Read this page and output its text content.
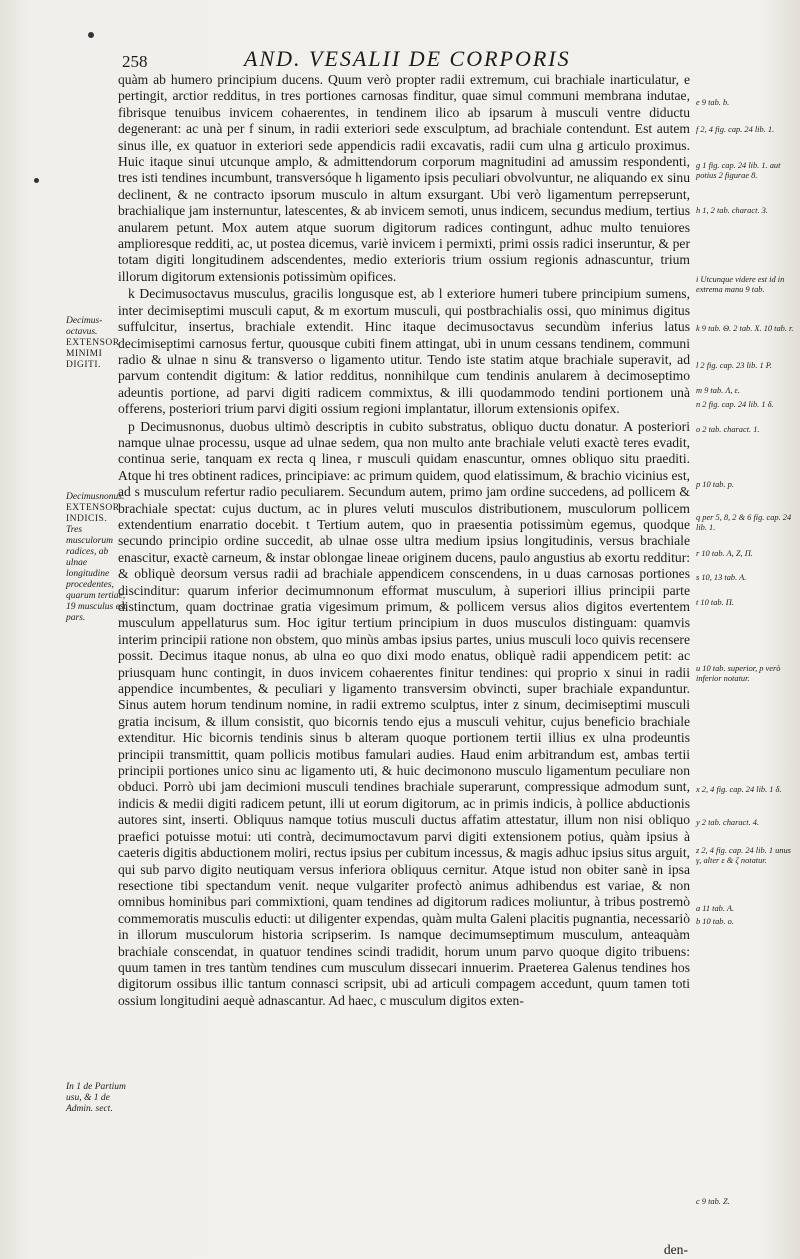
258	AND. VESALII DE CORPORIS

quàm ab humero principium ducens. Quum verò propter radii extremum, cui brachiale inarticulatur, e pertingit, arctior redditus, in tres portiones carnosas finditur, quae simul communi membrana indutae, fibrisque tenuibus invicem cohaerentes, in tendinem ilico ab ipsarum à musculi ventre diductu degenerant: ac unà per f sinum, in radii exteriori sede exsculptum, ad brachiale contendunt. Est autem sinus ille, ex quatuor in exteriori sede appendicis radii excavatis, radii cum ulna g articulo proximus. Huic itaque sinui utcunque amplo, & admittendorum corporum magnitudini ad amussim respondenti, tres isti tendines incumbunt, transversóque h ligamento ipsis peculiari obvolvuntur, ne aliquando ex sinu declinent, & ne contracto ipsorum musculo in altum exsurgant. Ubi verò ligamentum perrepserunt, brachialique jam insternuntur, latescentes, & ab invicem semoti, unus indicem, secundus medium, tertius anularem petunt. Mox autem atque suorum digitorum radices contingunt, adhuc multo tenuiores amplioresque redditi, ac, ut postea dicemus, variè invicem i permixti, primi ossis radici inseruntur, & per totam digiti longitudinem adscendentes, medio exterioris trium ossium regionis adnascuntur, trium illorum digitorum extensionis potissimùm opifices.

k Decimusoctavus musculus, gracilis longusque est, ab l exteriore humeri tubere principium sumens, inter decimiseptimi musculi caput, & m exortum musculi, qui postbrachialis ossi, quo minimus digitus suffulcitur, insertus, brachiale extendit. Hinc itaque decimusoctavus secundùm inferius latus decimiseptimi carnosus fertur, quousque cubiti finem attingat, ubi in unum cessans tendinem, communi radio & ulnae n sinu & transverso o ligamento utitur. Tendo iste statim atque brachiale superavit, ad parvum contendit digitum: & latior redditus, nonnihilque cum tendinis anularem à decimoseptimo adeuntis portione, ad parvi digiti radicem commixtus, & illi quodammodo tendini portionem unà offerens, posteriori trium parvi digiti ossium regioni implantatur, illorum extensionis opifex.

p Decimusnonus, duobus ultimò descriptis in cubito substratus, obliquo ductu donatur. A posteriori namque ulnae processu, usque ad ulnae sedem, qua non multo ante brachiale veluti exactè teres evadit, continua serie, tanquam ex recta q linea, r musculi quidam enascuntur, omnes obliquo situ praediti. Atque hi tres obtinent radices, principiave: ac primum quidem, quod elatissimum, & brachio vicinius est, ad s musculum refertur radio peculiarem. Secundum autem, primo jam ordine succedens, ad pollicem & brachiale spectat: cujus ductum, ac in plures veluti musculos distributionem, musculorum pollicem extendentium enarratio docebit. t Tertium autem, quo in praesentia potissimùm egemus, quodque secundo principio ordine succedit, ab ulnae osse ultra medium ipsius longitudinis, versus brachiale enascitur, exactè carneum, & instar oblongae lineae originem ducens, paulo angustius ab exortu redditur: & obliquè deorsum versus radii ad brachiale appendicem conscendens, in u duas carnosas portiones discinditur: quarum inferior decimumnonum efformat musculum, à superiori illius principii parte distinctum, quam doctrinae gratia vigesimum primum, & pollicem versus alios digitos evertentem musculum appellaturus sum. Hoc igitur tertium principium in duos musculos distinguam: quamvis interim principii ratione non obstem, quo minùs ambas ipsius partes, unius musculi loco quivis recensere possit. Decimus itaque nonus, ab ulna eo quo dixi modo enatus, obliquè radii appendicem petit: ac priusquam hunc contingit, in duos invicem cohaerentes finitur tendines: qui proprio x sinui in radii appendice incumbentes, & peculiari y ligamento transversim obvincti, super brachiale expanduntur. Sinus autem horum tendinum nomine, in radii extremo sculptus, inter z sinum, decimiseptimi musculi gratia incisum, & illum consistit, quo bicornis tendo ejus a musculi vehitur, cujus beneficio brachiale extenditur. Hic bicornis tendinis sinus b alteram quoque portionem tertii illius ex ulna prodeuntis principii transmittit, quam pollicis motibus famulari audies. Haud enim arbitrandum est, ambas tertii principii portiones unico sinu ac ligamento uti, & huic decimonono musculo ligamentum peculiare non obduci. Porrò ubi jam decimioni musculi tendines brachiale superarunt, compressique admodum sunt, indicis & medii digiti radicem petunt, illi ut eorum digitorum, ac in primis indicis, à pollice abductionis autores sint, inserti. Obliquus namque totius musculi ductus affatim attestatur, illum non nisi obliquo praefici potuisse motui: uti contrà, decimumoctavum parvi digiti extensionem potius, quàm ipsius à caeteris digitis abductionem moliri, rectus ipsius per cubitum incessus, & magis adhuc ipsius situs arguit, qui sub parvo digito neutiquam versus inferiora obliquus cernitur. Atque istud non obiter sanè in ipsa resectione tibi spectandum venit. neque vulgariter profectò animus adhibendus est variae, & non omnibus hominibus pari commixtioni, quam tendines ad digitorum radices moliuntur, à tribus postremò commemoratis musculis educti: ut diligenter expendas, quàm multa Galeni placitis pugnantia, necessariò in illorum musculorum historia scripserim. Is namque decimumseptimum musculum, anteaquàm brachiale conscendat, in quatuor tendines scindi tradidit, horum unum parvo quoque digito tribuens: quum tamen in tres tantùm tendines cum musculum dissecari innuerim. Praeterea Galenus tendines hos digitorum ossibus illic tantum connasci scripsit, ubi ad articuli compagem accedunt, quum tamen toti ossium longitudini aequè adnascantur. Ad haec, c musculum digitos exten-

den-
Decimus-octavus.
EXTENSOR MINIMI DIGITI.
Decimusnonus.
EXTENSOR INDICIS.
Tres musculorum radices, ab ulnae longitudine procedentes, quarum tertiae, 19 musculus est pars.
In 1 de Partium usu, & 1 de Admin. sect.
e 9 tab. b.
f 2, 4 fig. cap. 24 lib. 1.
g 1 fig. cap. 24 lib. 1. aut potius 2 figurae 8.
h 1, 2 tab. charact. 3.
i Utcunque videre est id in extrema manu 9 tab.
k 9 tab. Θ. 2 tab. X. 10 tab. r.
l 2 fig. cap. 23 lib. 1 P.
m 9 tab. Λ, ε.
n 2 fig. cap. 24 lib. 1 δ.
o 2 tab. charact. 1.
p 10 tab. p.
q per 5, 8, 2 & 6 fig. cap. 24 lib. 1.
r 10 tab. A, Z, Π.
s 10, 13 tab. A.
t 10 tab. Π.
u 10 tab. superior, p verò inferior notatur.
x 2, 4 fig. cap. 24 lib. 1 δ.
y 2 tab. charact. 4.
z 2, 4 fig. cap. 24 lib. 1 unus γ, alter ε & ζ notatur.
a 11 tab. A.
b 10 tab. o.
c 9 tab. Z.
